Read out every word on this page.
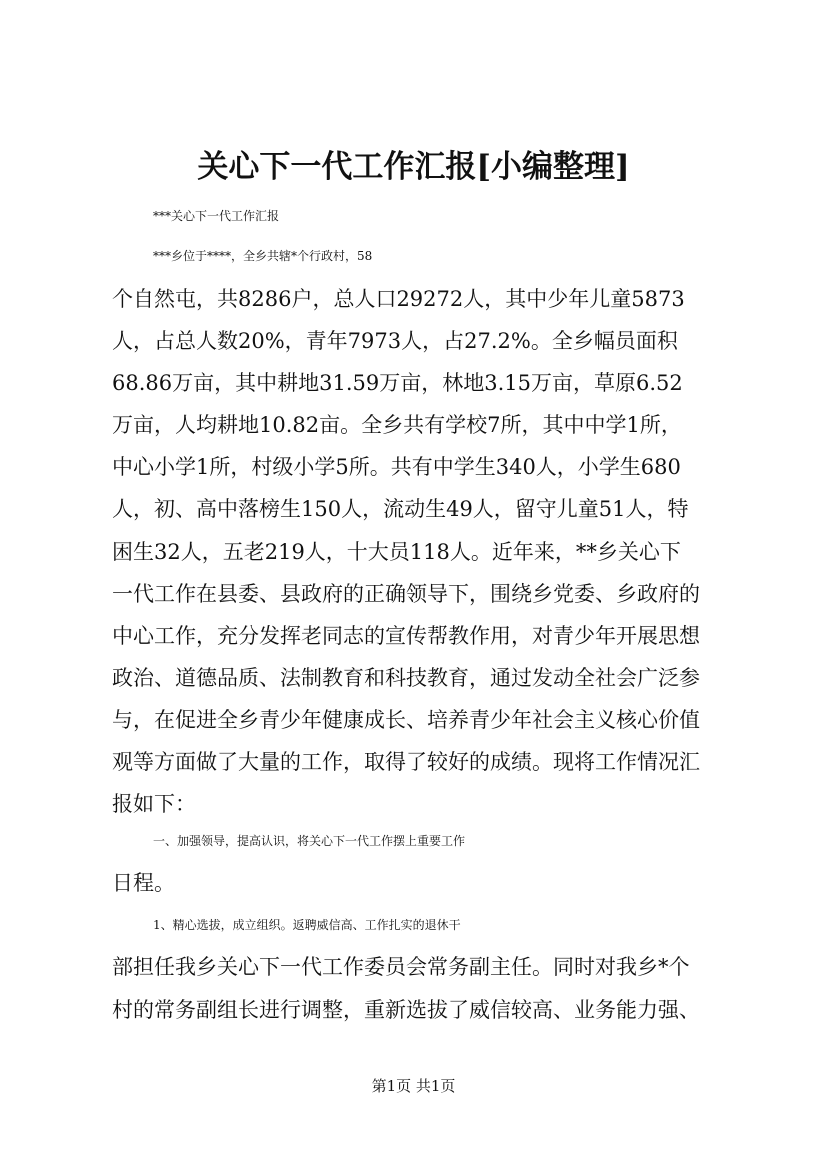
关心下一代工作汇报[小编整理]
***关心下一代工作汇报
***乡位于****，全乡共辖*个行政村，58
个自然屯，共8286户，总人口29272人，其中少年儿童5873
人，占总人数20%，青年7973人，占27.2%。全乡幅员面积
68.86万亩，其中耕地31.59万亩，林地3.15万亩，草原6.52
万亩，人均耕地10.82亩。全乡共有学校7所，其中中学1所，
中心小学1所，村级小学5所。共有中学生340人，小学生680
人，初、高中落榜生150人，流动生49人，留守儿童51人，特
困生32人，五老219人，十大员118人。近年来，**乡关心下
一代工作在县委、县政府的正确领导下，围绕乡党委、乡政府的
中心工作，充分发挥老同志的宣传帮教作用，对青少年开展思想
政治、道德品质、法制教育和科技教育，通过发动全社会广泛参
与，在促进全乡青少年健康成长、培养青少年社会主义核心价值
观等方面做了大量的工作，取得了较好的成绩。现将工作情况汇
报如下：
一、加强领导，提高认识，将关心下一代工作摆上重要工作
日程。
1、精心选拔，成立组织。返聘威信高、工作扎实的退休干
部担任我乡关心下一代工作委员会常务副主任。同时对我乡*个
村的常务副组长进行调整，重新选拔了威信较高、业务能力强、
第1页 共1页
